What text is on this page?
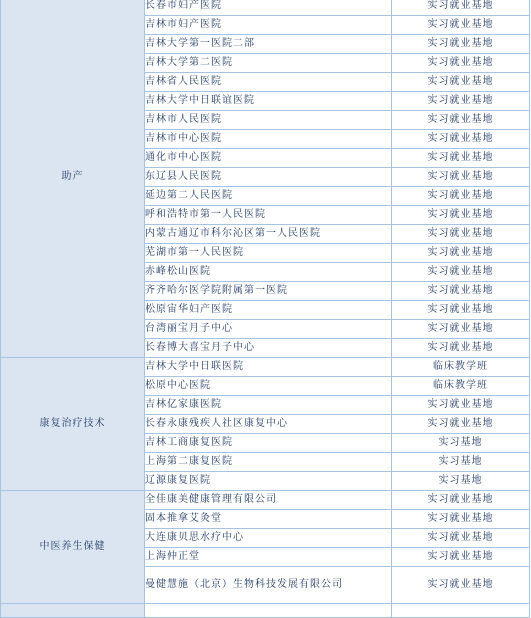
助产	长春市妇产医院	实习就业基地
	吉林市妇产医院	实习就业基地
	吉林大学第一医院二部	实习就业基地
	吉林大学第二医院	实习就业基地
	吉林省人民医院	实习就业基地
	吉林大学中日联谊医院	实习就业基地
	吉林市人民医院	实习就业基地
	吉林市中心医院	实习就业基地
	通化市中心医院	实习就业基地
	东辽县人民医院	实习就业基地
	延边第二人民医院	实习就业基地
	呼和浩特市第一人民医院	实习就业基地
	内蒙古通辽市科尔沁区第一人民医院	实习就业基地
	芜湖市第一人民医院	实习就业基地
	赤峰松山医院	实习就业基地
	齐齐哈尔医学院附属第一医院	实习就业基地
	松原宙华妇产医院	实习就业基地
	台湾丽宝月子中心	实习就业基地
	长春博大喜宝月子中心	实习就业基地
康复治疗技术	吉林大学中日联医院	临床教学班
	松原中心医院	临床教学班
	吉林亿家康医院	实习就业基地
	长春永康残疾人社区康复中心	实习就业基地
	吉林工商康复医院	实习基地
	上海第二康复医院	实习基地
	辽源康复医院	实习基地
中医养生保健	全佳康美健康管理有限公司	实习就业基地
	固本推拿艾灸堂	实习就业基地
	大连康贝思水疗中心	实习就业基地
	上海仲正堂	实习就业基地
	曼健慧施（北京）生物科技发展有限公司	实习就业基地
